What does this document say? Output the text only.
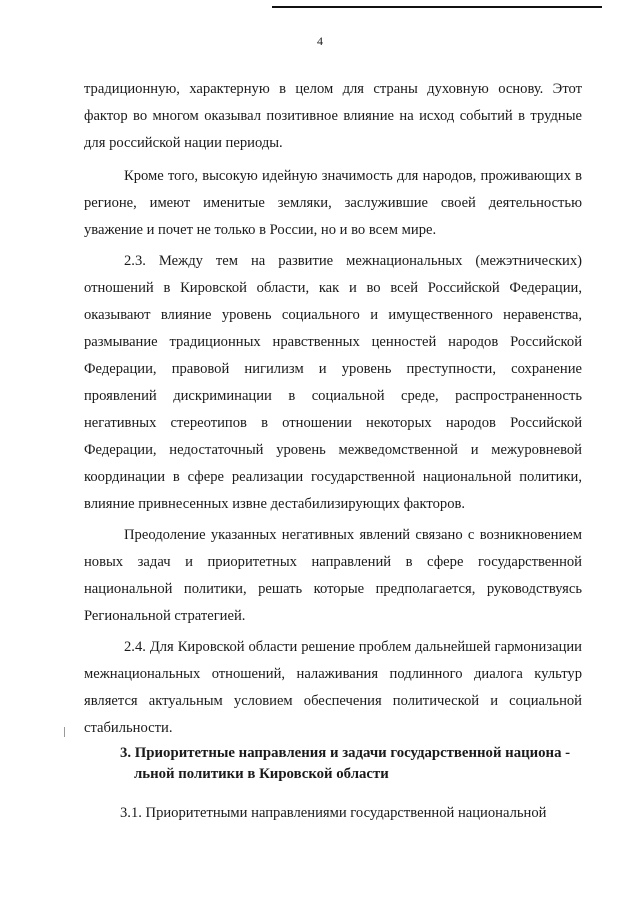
4

традиционную, характерную в целом для страны духовную основу. Этот фактор во многом оказывал позитивное влияние на исход событий в трудные для российской нации периоды.

Кроме того, высокую идейную значимость для народов, проживающих в регионе, имеют именитые земляки, заслужившие своей деятельностью уважение и почет не только в России, но и во всем мире.

2.3. Между тем на развитие межнациональных (межэтнических) отношений в Кировской области, как и во всей Российской Федерации, оказывают влияние уровень социального и имущественного неравенства, размывание традиционных нравственных ценностей народов Российской Федерации, правовой нигилизм и уровень преступности, сохранение проявлений дискриминации в социальной среде, распространенность негативных стереотипов в отношении некоторых народов Российской Федерации, недостаточный уровень межведомственной и межуровневой координации в сфере реализации государственной национальной политики, влияние привнесенных извне дестабилизирующих факторов.

Преодоление указанных негативных явлений связано с возникновением новых задач и приоритетных направлений в сфере государственной национальной политики, решать которые предполагается, руководствуясь Региональной стратегией.

2.4. Для Кировской области решение проблем дальнейшей гармонизации межнациональных отношений, налаживания подлинного диалога культур является актуальным условием обеспечения политической и социальной стабильности.

3. Приоритетные направления и задачи государственной национа -
льной политики в Кировской области

3.1. Приоритетными направлениями государственной национальной
